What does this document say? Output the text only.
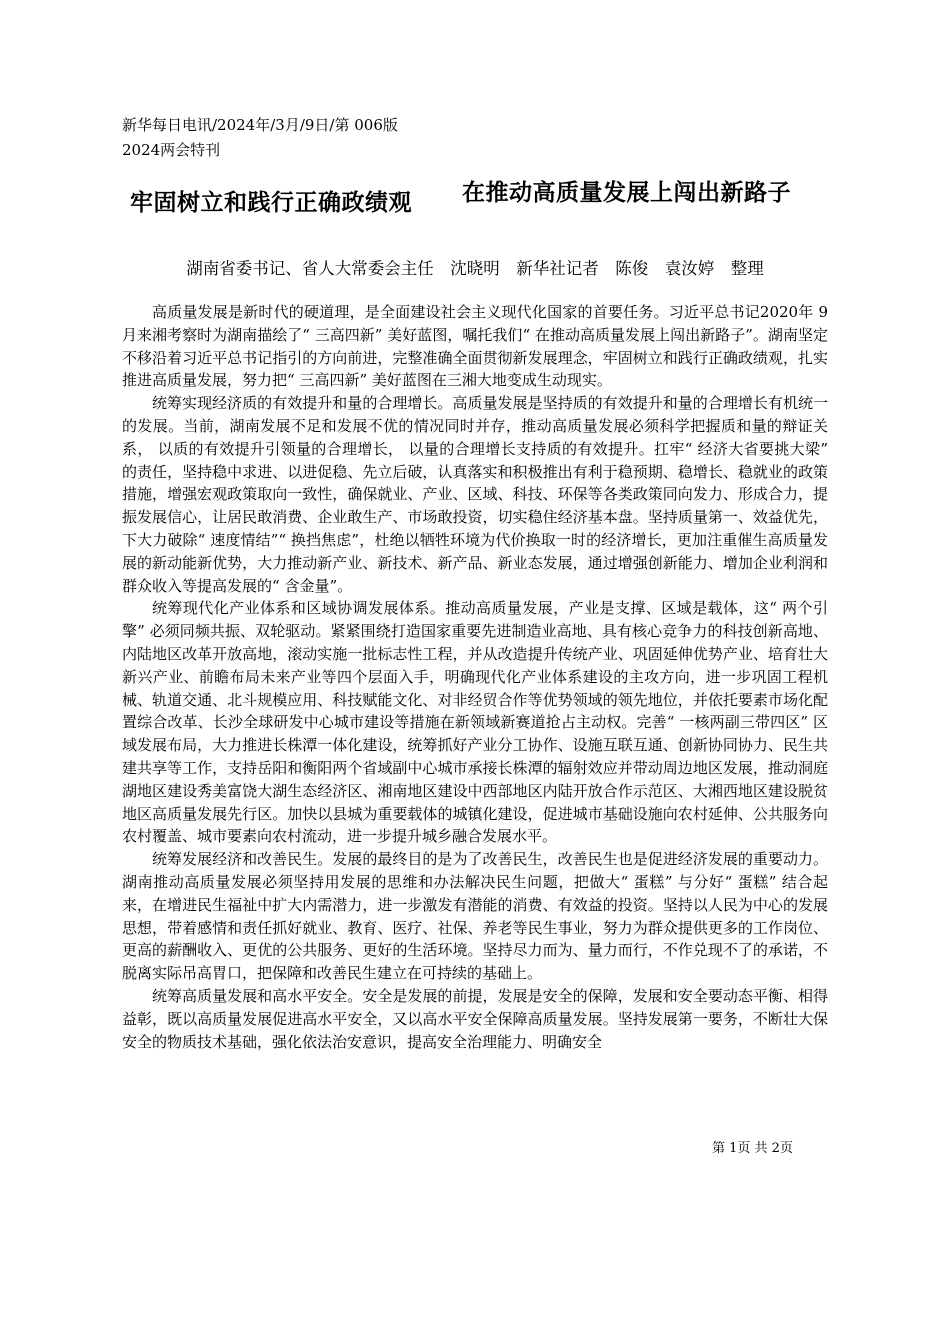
新华每日电讯/2024年/3月/9日/第 006版2024两会特刊
牢固树立和践行正确政绩观 在推动高质量发展上闯出新路子
湖南省委书记、省人大常委会主任　沈晓明　新华社记者　陈俊　袁汝婷　整理

高质量发展是新时代的硬道理，是全面建设社会主义现代化国家的首要任务。习近平总书记2020年 9月来湘考察时为湖南描绘了“ 三高四新” 美好蓝图，嘱托我们“ 在推动高质量发展上闯出新路子”。湖南坚定不移沿着习近平总书记指引的方向前进，完整准确全面贯彻新发展理念，牢固树立和践行正确政绩观，扎实推进高质量发展，努力把“ 三高四新” 美好蓝图在三湘大地变成生动现实。

统筹实现经济质的有效提升和量的合理增长。高质量发展是坚持质的有效提升和量的合理增长有机统一的发展。当前，湖南发展不足和发展不优的情况同时并存，推动高质量发展必须科学把握质和量的辩证关系， 以质的有效提升引领量的合理增长， 以量的合理增长支持质的有效提升。扛牢“ 经济大省要挑大梁” 的责任，坚持稳中求进、以进促稳、先立后破，认真落实和积极推出有利于稳预期、稳增长、稳就业的政策措施，增强宏观政策取向一致性，确保就业、产业、区域、科技、环保等各类政策同向发力、形成合力，提振发展信心，让居民敢消费、企业敢生产、市场敢投资，切实稳住经济基本盘。坚持质量第一、效益优先，下大力破除“ 速度情结”“ 换挡焦虑”，杜绝以牺牲环境为代价换取一时的经济增长，更加注重催生高质量发展的新动能新优势，大力推动新产业、新技术、新产品、新业态发展，通过增强创新能力、增加企业利润和群众收入等提高发展的“ 含金量”。

统筹现代化产业体系和区域协调发展体系。推动高质量发展，产业是支撑、区域是载体，这“ 两个引擎” 必须同频共振、双轮驱动。紧紧围绕打造国家重要先进制造业高地、具有核心竞争力的科技创新高地、内陆地区改革开放高地，滚动实施一批标志性工程，并从改造提升传统产业、巩固延伸优势产业、培育壮大新兴产业、前瞻布局未来产业等四个层面入手，明确现代化产业体系建设的主攻方向，进一步巩固工程机械、轨道交通、北斗规模应用、科技赋能文化、对非经贸合作等优势领域的领先地位，并依托要素市场化配置综合改革、长沙全球研发中心城市建设等措施在新领域新赛道抢占主动权。完善“ 一核两副三带四区” 区域发展布局，大力推进长株潭一体化建设，统筹抓好产业分工协作、设施互联互通、创新协同协力、民生共建共享等工作，支持岳阳和衡阳两个省域副中心城市承接长株潭的辐射效应并带动周边地区发展，推动洞庭湖地区建设秀美富饶大湖生态经济区、湘南地区建设中西部地区内陆开放合作示范区、大湘西地区建设脱贫地区高质量发展先行区。加快以县城为重要载体的城镇化建设，促进城市基础设施向农村延伸、公共服务向农村覆盖、城市要素向农村流动，进一步提升城乡融合发展水平。

统筹发展经济和改善民生。发展的最终目的是为了改善民生，改善民生也是促进经济发展的重要动力。湖南推动高质量发展必须坚持用发展的思维和办法解决民生问题，把做大“ 蛋糕” 与分好“ 蛋糕” 结合起来，在增进民生福祉中扩大内需潜力，进一步激发有潜能的消费、有效益的投资。坚持以人民为中心的发展思想，带着感情和责任抓好就业、教育、医疗、社保、养老等民生事业，努力为群众提供更多的工作岗位、更高的薪酬收入、更优的公共服务、更好的生活环境。坚持尽力而为、量力而行，不作兑现不了的承诺，不脱离实际吊高胃口，把保障和改善民生建立在可持续的基础上。

统筹高质量发展和高水平安全。安全是发展的前提，发展是安全的保障，发展和安全要动态平衡、相得益彰，既以高质量发展促进高水平安全，又以高水平安全保障高质量发展。坚持发展第一要务，不断壮大保安全的物质技术基础，强化依法治安意识，提高安全治理能力、明确安全

第 1页 共 2页
